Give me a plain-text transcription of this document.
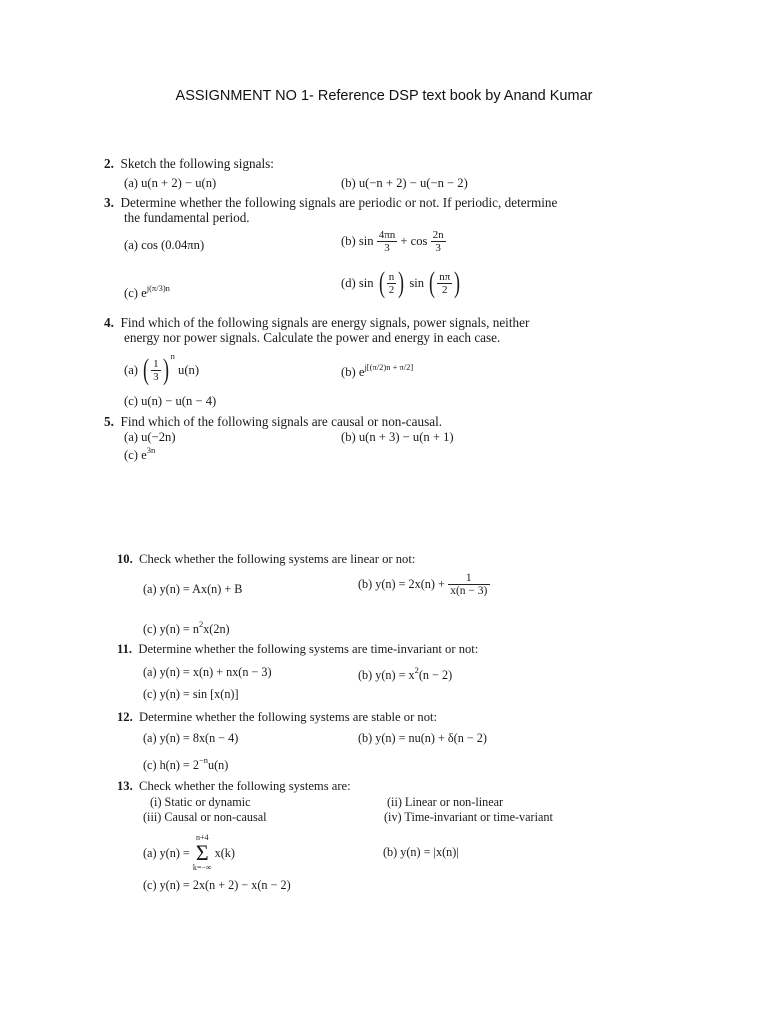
ASSIGNMENT NO 1- Reference DSP text book by Anand Kumar
2. Sketch the following signals:
(a) u(n + 2) − u(n)	(b) u(−n + 2) − u(−n − 2)
3. Determine whether the following signals are periodic or not. If periodic, determine
the fundamental period.
(a) cos (0.04πn)	(b) $\sin \frac{4\pi n}{3} + \cos \frac{2n}{3}$
(c) $e^{j(\pi/3)n}$	(d) sin ( $\frac{n}{2}$ ) sin ( $\frac{n\pi}{2}$ )
4. Find which of the following signals are energy signals, power signals, neither
energy nor power signals. Calculate the power and energy in each case.
(a) ( $\frac{1}{3}$ ) $^n$ u(n)	(b) $e^{j[(\pi/2)n + \pi/2]}$
(c) u(n) − u(n − 4)
5. Find which of the following signals are causal or non-causal.
(a) u(−2n)	(b) u(n + 3) − u(n + 1)
(c) $e^{3n}$
10. Check whether the following systems are linear or not:
(a) y(n) = Ax(n) + B	(b) $y(n) = 2x(n) + \frac{1}{x(n - 3)}$
(c) $y(n) = n^2x(2n)$
11. Determine whether the following systems are time-invariant or not:
(a) y(n) = x(n) + nx(n − 3)	(b) $y(n) = x^2(n - 2)$
(c) y(n) = sin [x(n)]
12. Determine whether the following systems are stable or not:
(a) y(n) = 8x(n − 4)	(b) y(n) = nu(n) + δ(n − 2)
(c) $h(n) = 2^{-n}u(n)$
13. Check whether the following systems are:
(i) Static or dynamic	(ii) Linear or non-linear
(iii) Causal or non-causal	(iv) Time-invariant or time-variant
(a) y(n) =
n+4
Σ
k=−∞
x(k)	(b) y(n) = |x(n)|
(c) y(n) = 2x(n + 2) − x(n − 2)
